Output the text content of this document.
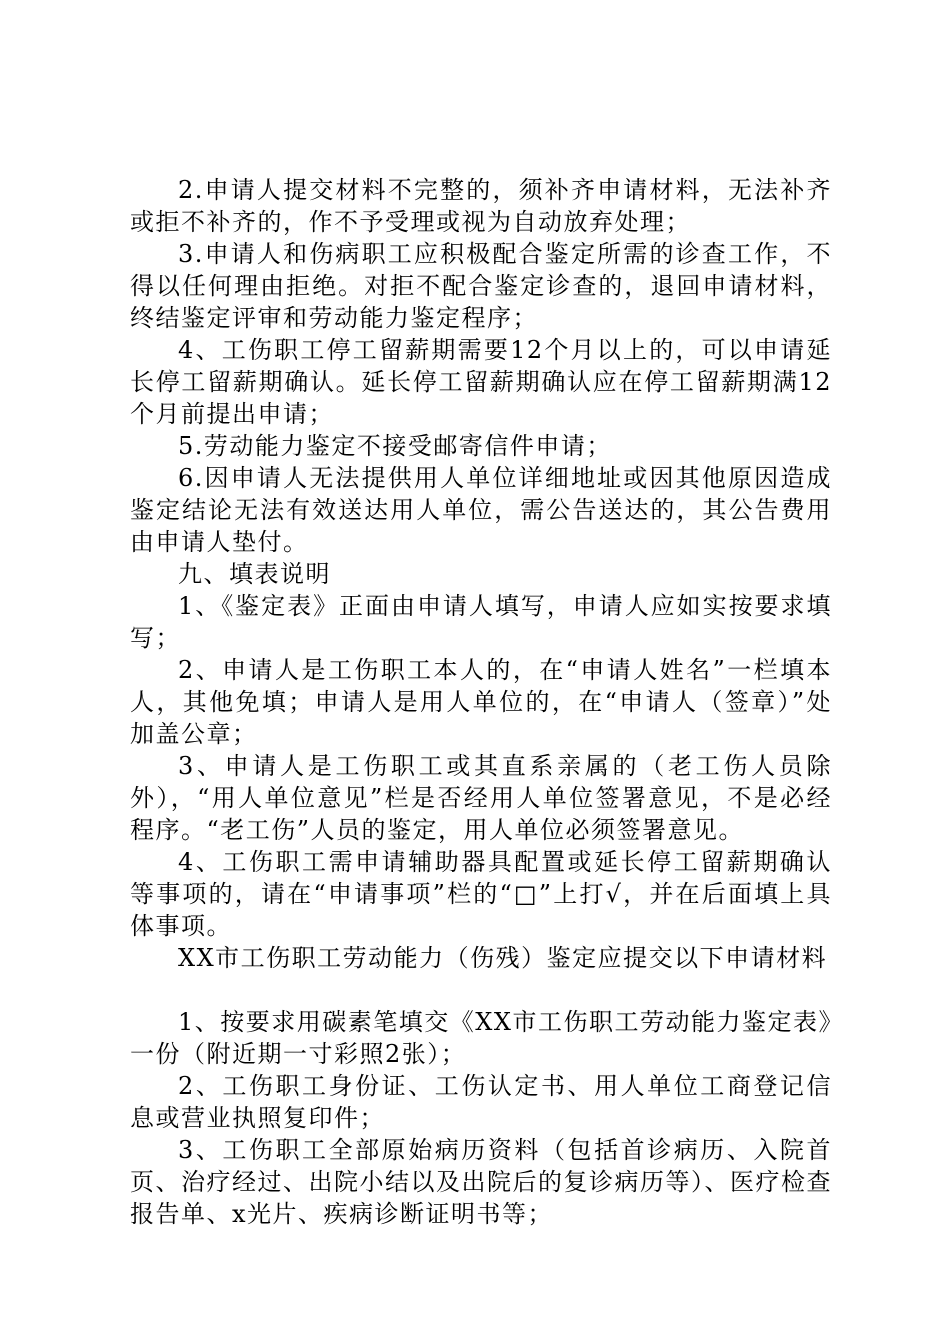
2.申请人提交材料不完整的，须补齐申请材料，无法补齐或拒不补齐的，作不予受理或视为自动放弃处理；

3.申请人和伤病职工应积极配合鉴定所需的诊查工作，不得以任何理由拒绝。对拒不配合鉴定诊查的，退回申请材料，终结鉴定评审和劳动能力鉴定程序；

4、工伤职工停工留薪期需要12个月以上的，可以申请延长停工留薪期确认。延长停工留薪期确认应在停工留薪期满12个月前提出申请；

5.劳动能力鉴定不接受邮寄信件申请；

6.因申请人无法提供用人单位详细地址或因其他原因造成鉴定结论无法有效送达用人单位，需公告送达的，其公告费用由申请人垫付。

九、填表说明

1、《鉴定表》正面由申请人填写，申请人应如实按要求填写；

2、申请人是工伤职工本人的，在“申请人姓名”一栏填本人，其他免填；申请人是用人单位的，在“申请人（签章）”处加盖公章；

3、申请人是工伤职工或其直系亲属的（老工伤人员除外），“用人单位意见”栏是否经用人单位签署意见，不是必经程序。“老工伤”人员的鉴定，用人单位必须签署意见。

4、工伤职工需申请辅助器具配置或延长停工留薪期确认等事项的，请在“申请事项”栏的“□”上打√，并在后面填上具体事项。

XX市工伤职工劳动能力（伤残）鉴定应提交以下申请材料

1、按要求用碳素笔填交《XX市工伤职工劳动能力鉴定表》一份（附近期一寸彩照2张）；

2、工伤职工身份证、工伤认定书、用人单位工商登记信息或营业执照复印件；

3、工伤职工全部原始病历资料（包括首诊病历、入院首页、治疗经过、出院小结以及出院后的复诊病历等）、医疗检查报告单、x光片、疾病诊断证明书等；
